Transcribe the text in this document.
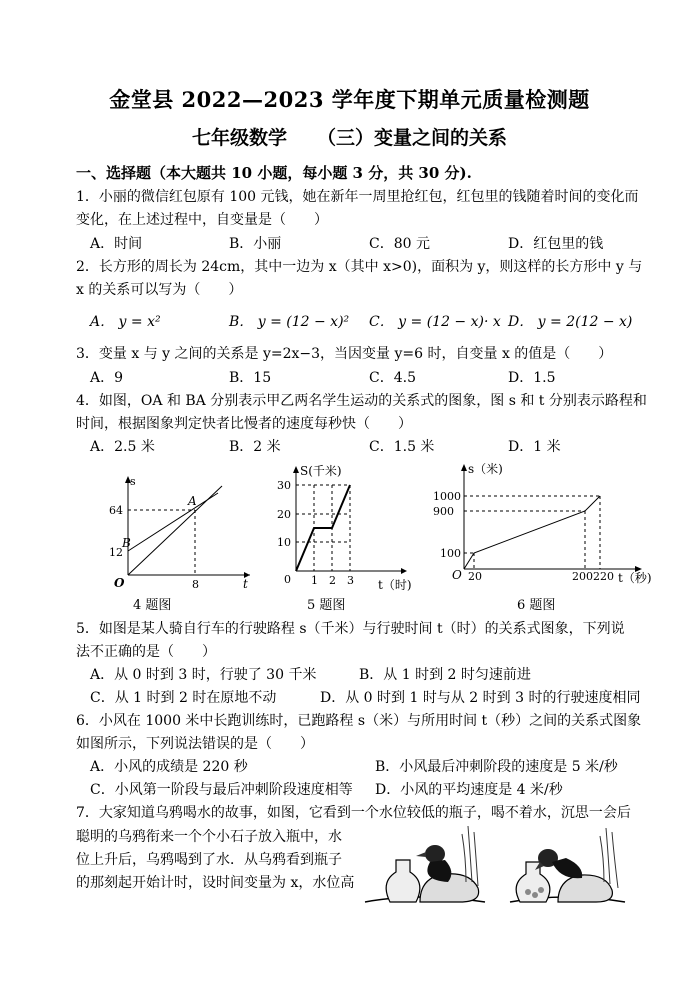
金堂县 2022—2023 学年度下期单元质量检测题
七年级数学 （三）变量之间的关系
一、选择题（本大题共 10 小题，每小题 3 分，共 30 分).
1．小丽的微信红包原有 100 元钱，她在新年一周里抢红包，红包里的钱随着时间的变化而
变化，在上述过程中，自变量是（　　）
A．时间	B．小丽	C．80 元	D．红包里的钱
2．长方形的周长为 24cm，其中一边为 x（其中 x>0)，面积为 y，则这样的长方形中 y 与
x 的关系可以写为（　　）
A． y = x²	B． y = (12 − x)² C． y = (12 − x)· x D． y = 2(12 − x)
3．变量 x 与 y 之间的关系是 y=2x−3，当因变量 y=6 时，自变量 x 的值是（　　）
A．9	B．15	C．4.5	D．1.5
4．如图，OA 和 BA 分别表示甲乙两名学生运动的关系式的图象，图 s 和 t 分别表示路程和
时间，根据图象判定快者比慢者的速度每秒快（　　）
A．2.5 米	B．2 米	C．1.5 米	D．1 米
s
t
O
64
12
8
A
B
4 题图
S(千米)
t（时)
0
10
20
30
1 2 3
5 题图
s（米)
t（秒)
O
100
900
1000
20	200 220
6 题图
5．如图是某人骑自行车的行驶路程 s（千米）与行驶时间 t（时）的关系式图象，下列说
法不正确的是（　　）
A．从 0 时到 3 时，行驶了 30 千米	B．从 1 时到 2 时匀速前进
C．从 1 时到 2 时在原地不动	D．从 0 时到 1 时与从 2 时到 3 时的行驶速度相同
6．小风在 1000 米中长跑训练时，已跑路程 s（米）与所用时间 t（秒）之间的关系式图象
如图所示，下列说法错误的是（　　）
A．小风的成绩是 220 秒	B．小风最后冲刺阶段的速度是 5 米/秒
C．小风第一阶段与最后冲刺阶段速度相等 D．小风的平均速度是 4 米/秒
7．大家知道乌鸦喝水的故事，如图，它看到一个水位较低的瓶子，喝不着水，沉思一会后
聪明的乌鸦衔来一个个小石子放入瓶中，水
位上升后，乌鸦喝到了水．从乌鸦看到瓶子
的那刻起开始计时，设时间变量为 x，水位高
